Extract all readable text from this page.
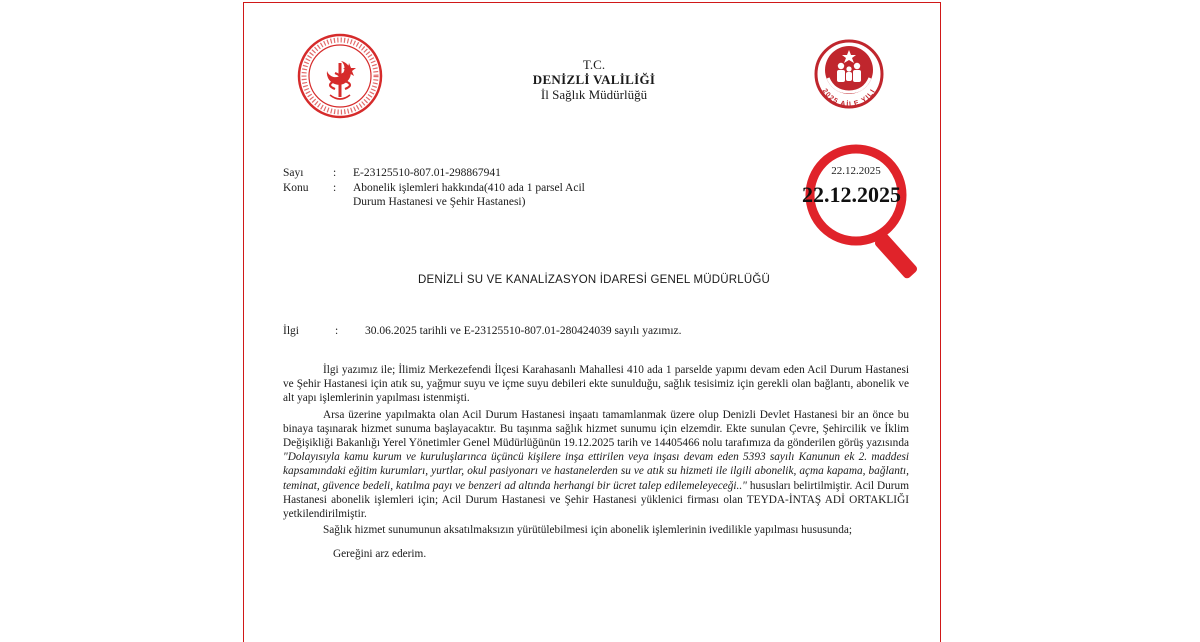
T.C.
DENİZLİ VALİLİĞİ
İl Sağlık Müdürlüğü	2025 AİLE YILI
Sayı	:	E-23125510-807.01-298867941
Konu	:	Abonelik işlemleri hakkında(410 ada 1 parsel Acil Durum Hastanesi ve Şehir Hastanesi)
22.12.2025
22.12.2025
DENİZLİ SU VE KANALİZASYON İDARESİ GENEL MÜDÜRLÜĞÜ
İlgi	:	30.06.2025 tarihli ve E-23125510-807.01-280424039 sayılı yazımız.

İlgi yazımız ile; İlimiz Merkezefendi İlçesi Karahasanlı Mahallesi 410 ada 1 parselde yapımı devam eden Acil Durum Hastanesi ve Şehir Hastanesi için atık su, yağmur suyu ve içme suyu debileri ekte sunulduğu, sağlık tesisimiz için gerekli olan bağlantı, abonelik ve alt yapı işlemlerinin yapılması istenmişti.

Arsa üzerine yapılmakta olan Acil Durum Hastanesi inşaatı tamamlanmak üzere olup Denizli Devlet Hastanesi bir an önce bu binaya taşınarak hizmet sunuma başlayacaktır. Bu taşınma sağlık hizmet sunumu için elzemdir. Ekte sunulan Çevre, Şehircilik ve İklim Değişikliği Bakanlığı Yerel Yönetimler Genel Müdürlüğünün 19.12.2025 tarih ve 14405466 nolu tarafımıza da gönderilen görüş yazısında "Dolayısıyla kamu kurum ve kuruluşlarınca üçüncü kişilere inşa ettirilen veya inşası devam eden 5393 sayılı Kanunun ek 2. maddesi kapsamındaki eğitim kurumları, yurtlar, okul pasiyonarı ve hastanelerden su ve atık su hizmeti ile ilgili abonelik, açma kapama, bağlantı, teminat, güvence bedeli, katılma payı ve benzeri ad altında herhangi bir ücret talep edilemeleyeceği.." hususları belirtilmiştir. Acil Durum Hastanesi abonelik işlemleri için; Acil Durum Hastanesi ve Şehir Hastanesi yüklenici firması olan TEYDA-İNTAŞ ADİ ORTAKLIĞI yetkilendirilmiştir.

Sağlık hizmet sunumunun aksatılmaksızın yürütülebilmesi için abonelik işlemlerinin ivedilikle yapılması hususunda;

Gereğini arz ederim.
